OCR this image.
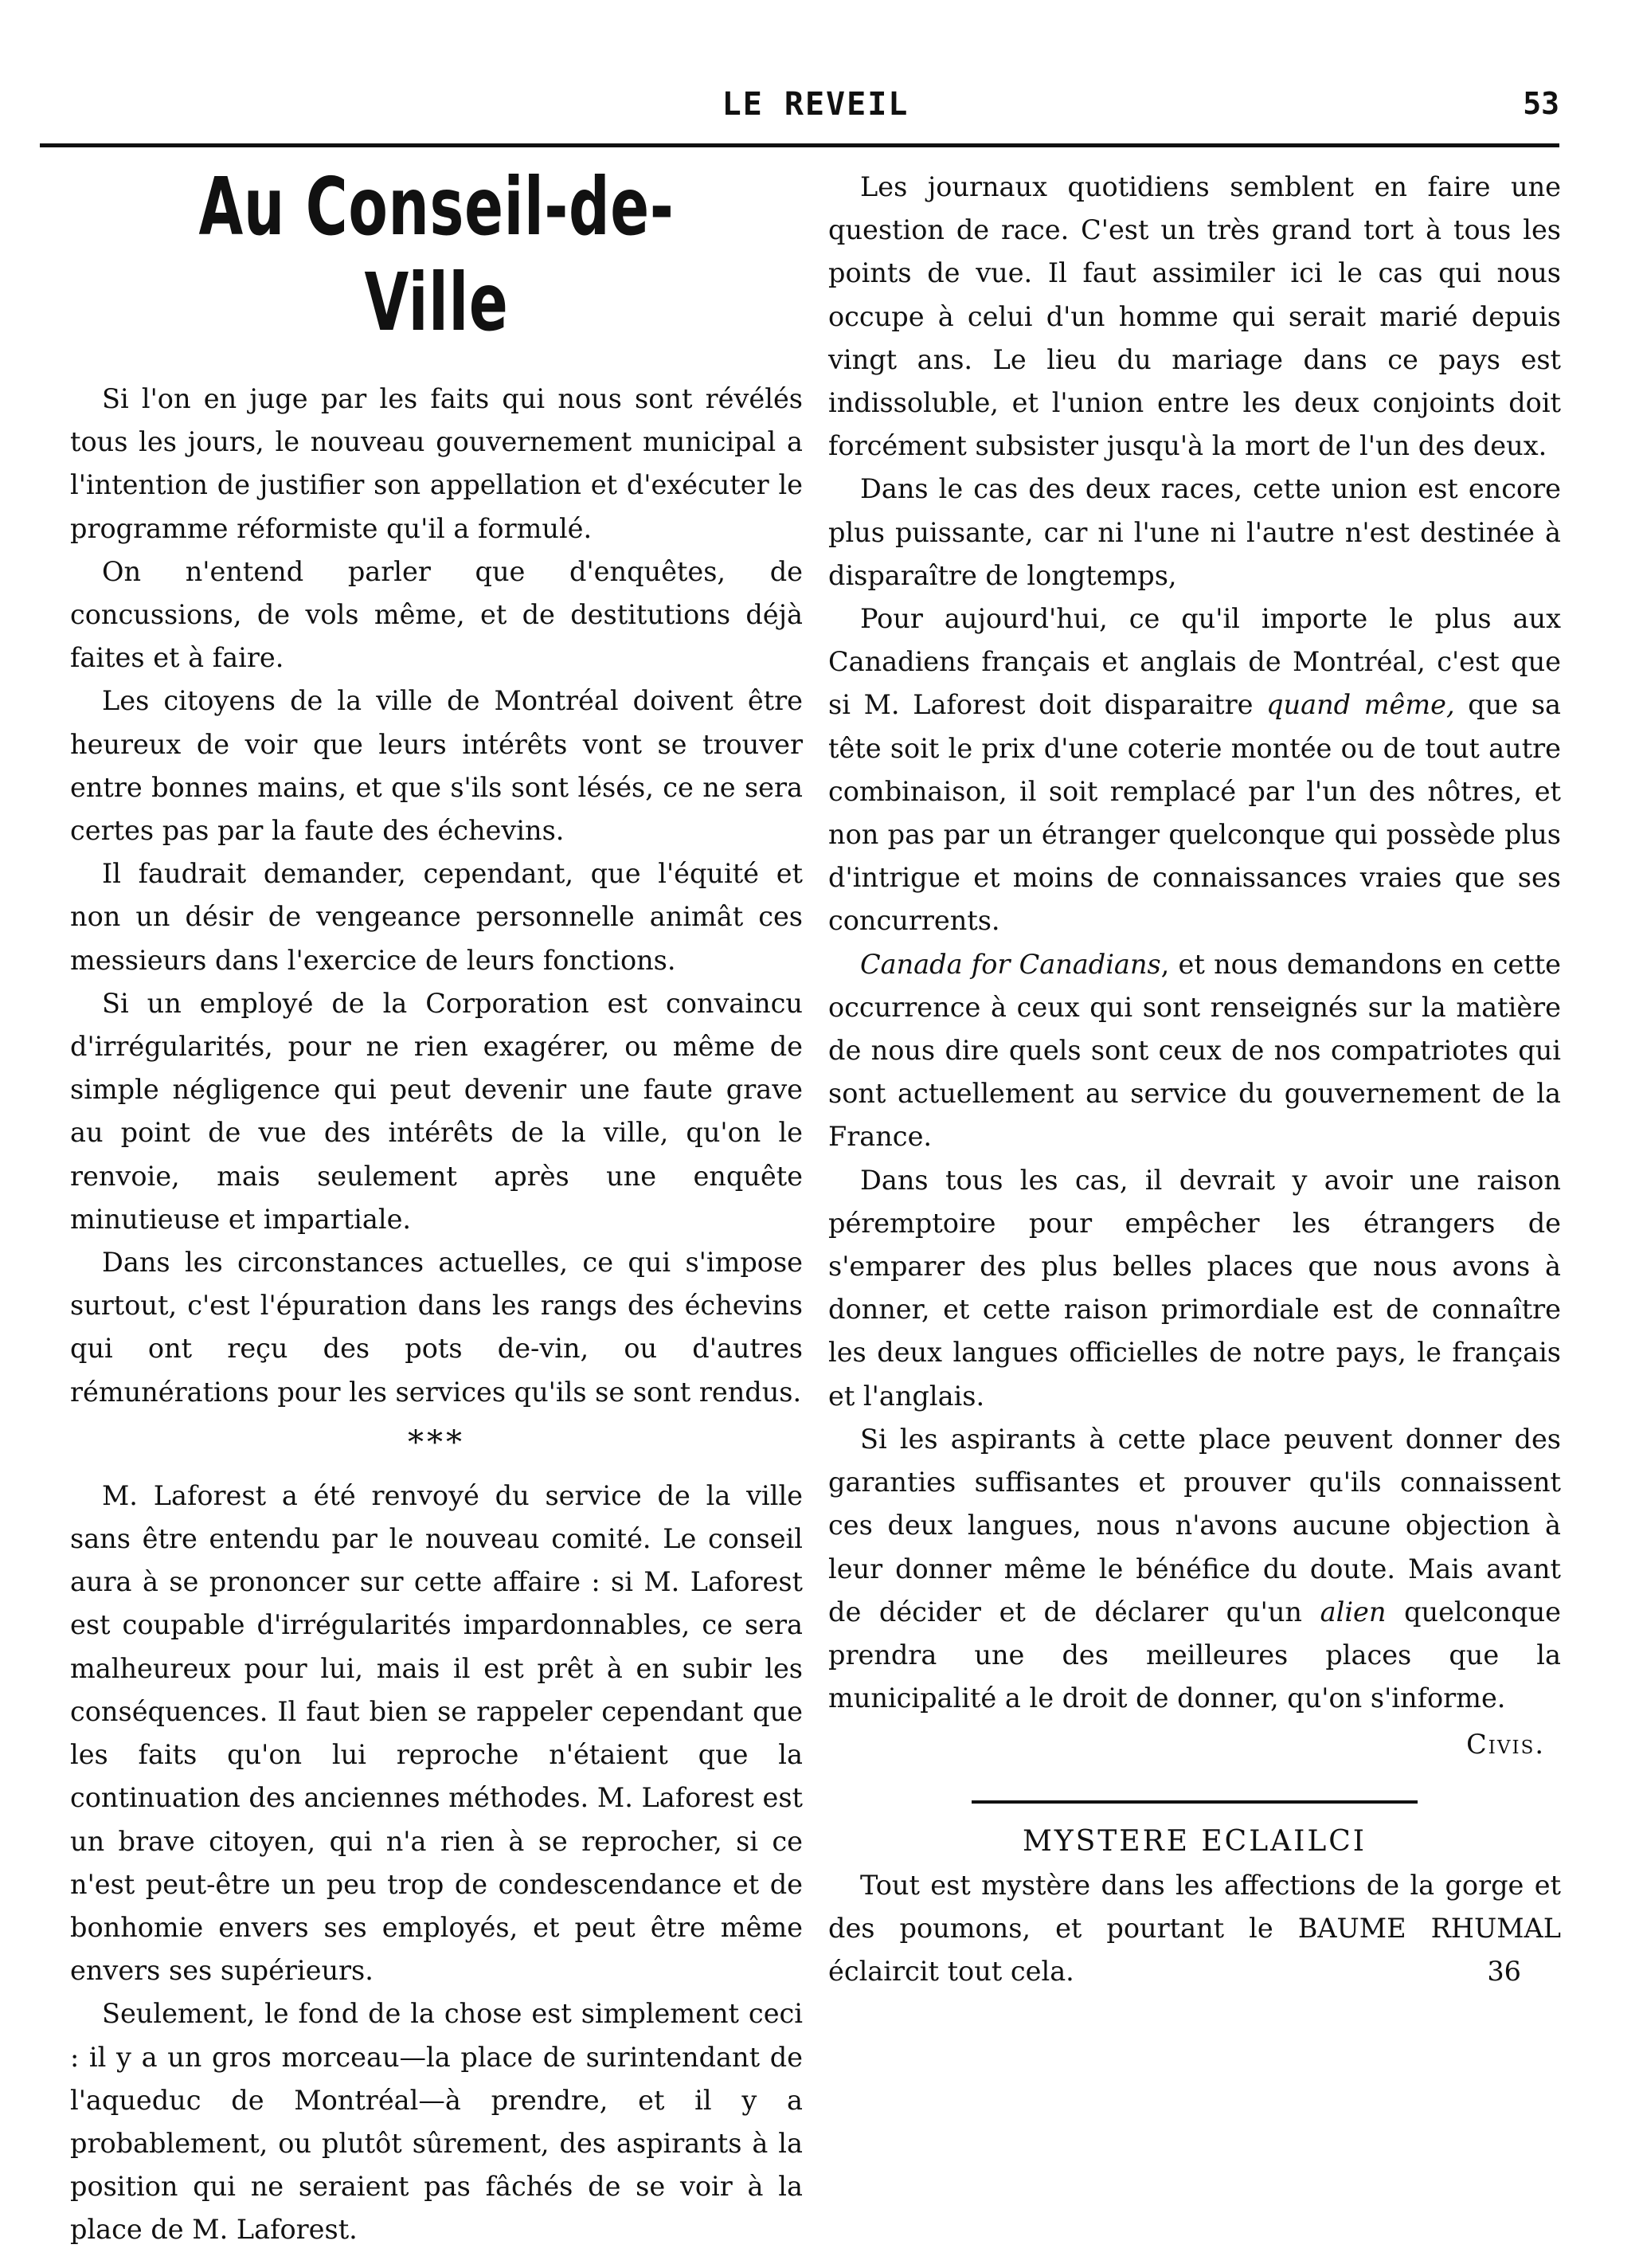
LE REVEIL	53
Au Conseil-de-Ville

Si l'on en juge par les faits qui nous sont révélés tous les jours, le nouveau gouvernement municipal a l'intention de justifier son appellation et d'exécuter le programme réformiste qu'il a formulé.

On n'entend parler que d'enquêtes, de concussions, de vols même, et de destitutions déjà faites et à faire.

Les citoyens de la ville de Montréal doivent être heureux de voir que leurs intérêts vont se trouver entre bonnes mains, et que s'ils sont lésés, ce ne sera certes pas par la faute des échevins.

Il faudrait demander, cependant, que l'équité et non un désir de vengeance personnelle animât ces messieurs dans l'exercice de leurs fonctions.

Si un employé de la Corporation est convaincu d'irrégularités, pour ne rien exagérer, ou même de simple négligence qui peut devenir une faute grave au point de vue des intérêts de la ville, qu'on le renvoie, mais seulement après une enquête minutieuse et impartiale.

Dans les circonstances actuelles, ce qui s'impose surtout, c'est l'épuration dans les rangs des échevins qui ont reçu des pots de-vin, ou d'autres rémunérations pour les services qu'ils se sont rendus.

***

M. Laforest a été renvoyé du service de la ville sans être entendu par le nouveau comité. Le conseil aura à se prononcer sur cette affaire : si M. Laforest est coupable d'irrégularités impardonnables, ce sera malheureux pour lui, mais il est prêt à en subir les conséquences. Il faut bien se rappeler cependant que les faits qu'on lui reproche n'étaient que la continuation des anciennes méthodes. M. Laforest est un brave citoyen, qui n'a rien à se reprocher, si ce n'est peut-être un peu trop de condescendance et de bonhomie envers ses employés, et peut être même envers ses supérieurs.

Seulement, le fond de la chose est simplement ceci : il y a un gros morceau—la place de surintendant de l'aqueduc de Montréal—à prendre, et il y a probablement, ou plutôt sûrement, des aspirants à la position qui ne seraient pas fâchés de se voir à la place de M. Laforest.

Les journaux quotidiens semblent en faire une question de race. C'est un très grand tort à tous les points de vue. Il faut assimiler ici le cas qui nous occupe à celui d'un homme qui serait marié depuis vingt ans. Le lieu du mariage dans ce pays est indissoluble, et l'union entre les deux conjoints doit forcément subsister jusqu'à la mort de l'un des deux.

Dans le cas des deux races, cette union est encore plus puissante, car ni l'une ni l'autre n'est destinée à disparaître de longtemps,

Pour aujourd'hui, ce qu'il importe le plus aux Canadiens français et anglais de Montréal, c'est que si M. Laforest doit disparaitre quand même, que sa tête soit le prix d'une coterie montée ou de tout autre combinaison, il soit remplacé par l'un des nôtres, et non pas par un étranger quelconque qui possède plus d'intrigue et moins de connaissances vraies que ses concurrents.

Canada for Canadians, et nous demandons en cette occurrence à ceux qui sont renseignés sur la matière de nous dire quels sont ceux de nos compatriotes qui sont actuellement au service du gouvernement de la France.

Dans tous les cas, il devrait y avoir une raison péremptoire pour empêcher les étrangers de s'emparer des plus belles places que nous avons à donner, et cette raison primordiale est de connaître les deux langues officielles de notre pays, le français et l'anglais.

Si les aspirants à cette place peuvent donner des garanties suffisantes et prouver qu'ils connaissent ces deux langues, nous n'avons aucune objection à leur donner même le bénéfice du doute. Mais avant de décider et de déclarer qu'un alien quelconque prendra une des meilleures places que la municipalité a le droit de donner, qu'on s'informe.

Civis.

MYSTERE ECLAILCI

Tout est mystère dans les affections de la gorge et des poumons, et pourtant le BAUME RHUMAL éclaircit tout cela.	36
